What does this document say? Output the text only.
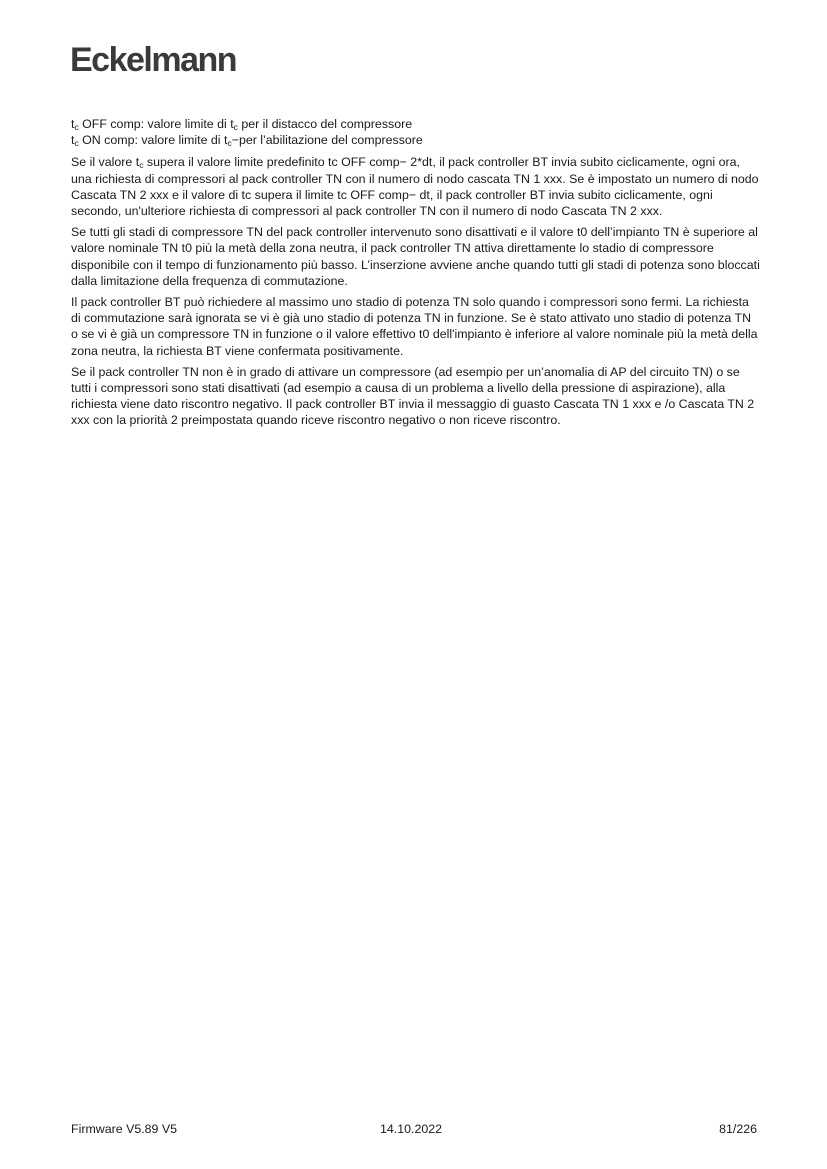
Eckelmann

$t_c$ OFF comp: valore limite di $t_c$ per il distacco del compressore

$t_c$ ON comp: valore limite di $t_c-per$ l’abilitazione del compressore

Se il valore $t_c$ supera il valore limite predefinito tc OFF comp− 2*dt, il pack controller BT invia subito ciclicamente, ogni ora, una richiesta di compressori al pack controller TN con il numero di nodo cascata TN 1 xxx. Se è impostato un numero di nodo Cascata TN 2 xxx e il valore di tc supera il limite tc OFF comp− dt, il pack controller BT invia subito ciclicamente, ogni secondo, un'ulteriore richiesta di compressori al pack controller TN con il numero di nodo Cascata TN 2 xxx.

Se tutti gli stadi di compressore TN del pack controller intervenuto sono disattivati e il valore t0 dell’impianto TN è superiore al valore nominale TN t0 più la metà della zona neutra, il pack controller TN attiva direttamente lo stadio di compressore disponibile con il tempo di funzionamento più basso. L’inserzione avviene anche quando tutti gli stadi di potenza sono bloccati dalla limitazione della frequenza di commutazione.

Il pack controller BT può richiedere al massimo uno stadio di potenza TN solo quando i compressori sono fermi. La richiesta di commutazione sarà ignorata se vi è già uno stadio di potenza TN in funzione. Se è stato attivato uno stadio di potenza TN o se vi è già un compressore TN in funzione o il valore effettivo t0 dell'impianto è inferiore al valore nominale più la metà della zona neutra, la richiesta BT viene confermata positivamente.

Se il pack controller TN non è in grado di attivare un compressore (ad esempio per un’anomalia di AP del circuito TN) o se tutti i compressori sono stati disattivati (ad esempio a causa di un problema a livello della pressione di aspirazione), alla richiesta viene dato riscontro negativo. Il pack controller BT invia il messaggio di guasto Cascata TN 1 xxx e /o Cascata TN 2 xxx con la priorità 2 preimpostata quando riceve riscontro negativo o non riceve riscontro.

Firmware V5.89 V5	14.10.2022	81/226
